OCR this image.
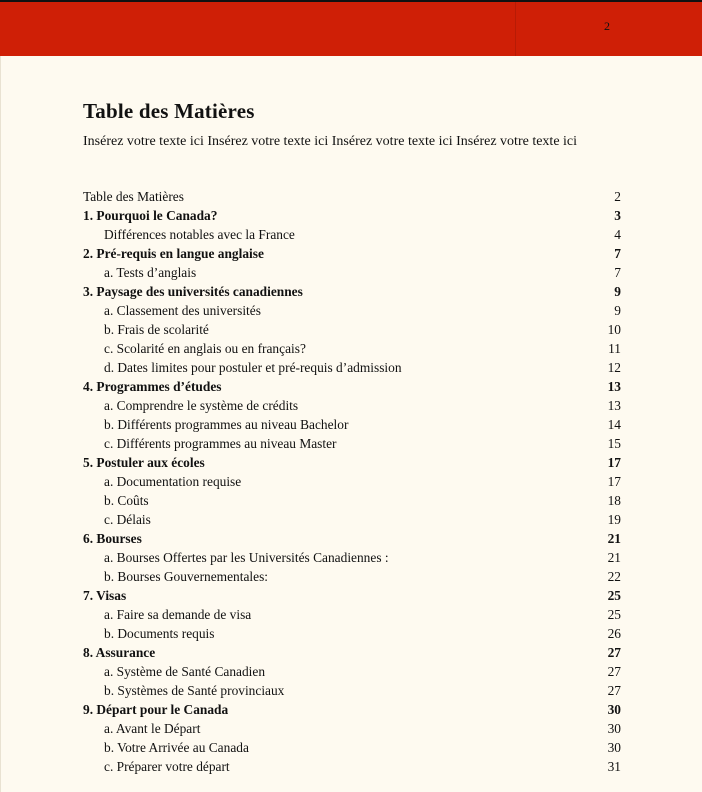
2
Table des Matières

Insérez votre texte ici Insérez votre texte ici Insérez votre texte ici Insérez votre texte ici

Table des Matières	2
1. Pourquoi le Canada?	3
Différences notables avec la France	4
2. Pré-requis en langue anglaise	7
a. Tests d’anglais	7
3. Paysage des universités canadiennes	9
a. Classement des universités	9
b. Frais de scolarité	10
c. Scolarité en anglais ou en français?	11
d. Dates limites pour postuler et pré-requis d’admission	12
4. Programmes d’études	13
a. Comprendre le système de crédits	13
b. Différents programmes au niveau Bachelor	14
c. Différents programmes au niveau Master	15
5. Postuler aux écoles	17
a. Documentation requise	17
b. Coûts	18
c. Délais	19
6. Bourses	21
a. Bourses Offertes par les Universités Canadiennes :	21
b. Bourses Gouvernementales:	22
7. Visas	25
a. Faire sa demande de visa	25
b. Documents requis	26
8. Assurance	27
a. Système de Santé Canadien	27
b. Systèmes de Santé provinciaux	27
9. Départ pour le Canada	30
a. Avant le Départ	30
b. Votre Arrivée au Canada	30
c. Préparer votre départ	31
